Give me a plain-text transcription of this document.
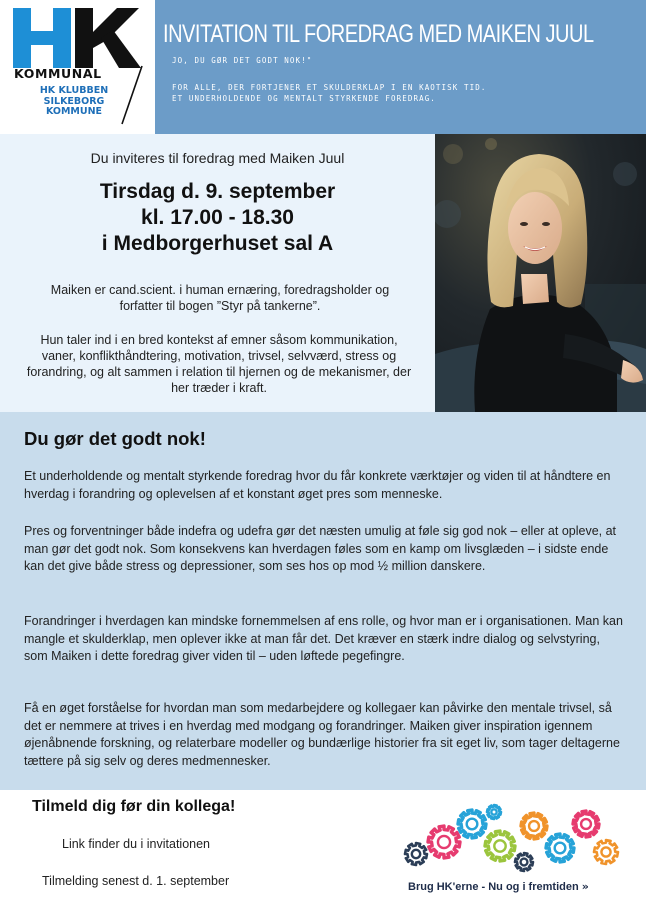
KOMMUNAL
HK KLUBBEN
SILKEBORG
KOMMUNE
INVITATION TIL FOREDRAG MED MAIKEN JUUL
JO, DU GØR DET GODT NOK!"
FOR ALLE, DER FORTJENER ET SKULDERKLAP I EN KAOTISK TID.
ET UNDERHOLDENDE OG MENTALT STYRKENDE FOREDRAG.
Du inviteres til foredrag med Maiken Juul
Tirsdag d. 9. september
kl. 17.00 - 18.30
i Medborgerhuset sal A

Maiken er cand.scient. i human ernæring, foredragsholder og forfatter til bogen ”Styr på tankerne”.

Hun taler ind i en bred kontekst af emner såsom kommunikation, vaner, konflikthåndtering, motivation, trivsel, selvværd, stress og forandring, og alt sammen i relation til hjernen og de mekanismer, der her træder i kraft.

Du gør det godt nok!

Et underholdende og mentalt styrkende foredrag hvor du får konkrete værktøjer og viden til at håndtere en hverdag i forandring og oplevelsen af et konstant øget pres som menneske.

Pres og forventninger både indefra og udefra gør det næsten umulig at føle sig god nok – eller at opleve, at man gør det godt nok. Som konsekvens kan hverdagen føles som en kamp om livsglæden – i sidste ende kan det give både stress og depressioner, som ses hos op mod ½ million danskere.

Forandringer i hverdagen kan mindske fornemmelsen af ens rolle, og hvor man er i organisationen. Man kan mangle et skulderklap, men oplever ikke at man får det. Det kræver en stærk indre dialog og selvstyring, som Maiken i dette foredrag giver viden til – uden løftede pegefingre.

Få en øget forståelse for hvordan man som medarbejdere og kollegaer kan påvirke den mentale trivsel, så det er nemmere at trives i en hverdag med modgang og forandringer. Maiken giver inspiration igennem øjenåbnende forskning, og relaterbare modeller og bundærlige historier fra sit eget liv, som tager deltagerne tættere på sig selv og deres medmennesker.

Tilmeld dig før din kollega!
Link finder du i invitationen
Tilmelding senest d. 1. september	Brug HK'erne - Nu og i fremtiden »
